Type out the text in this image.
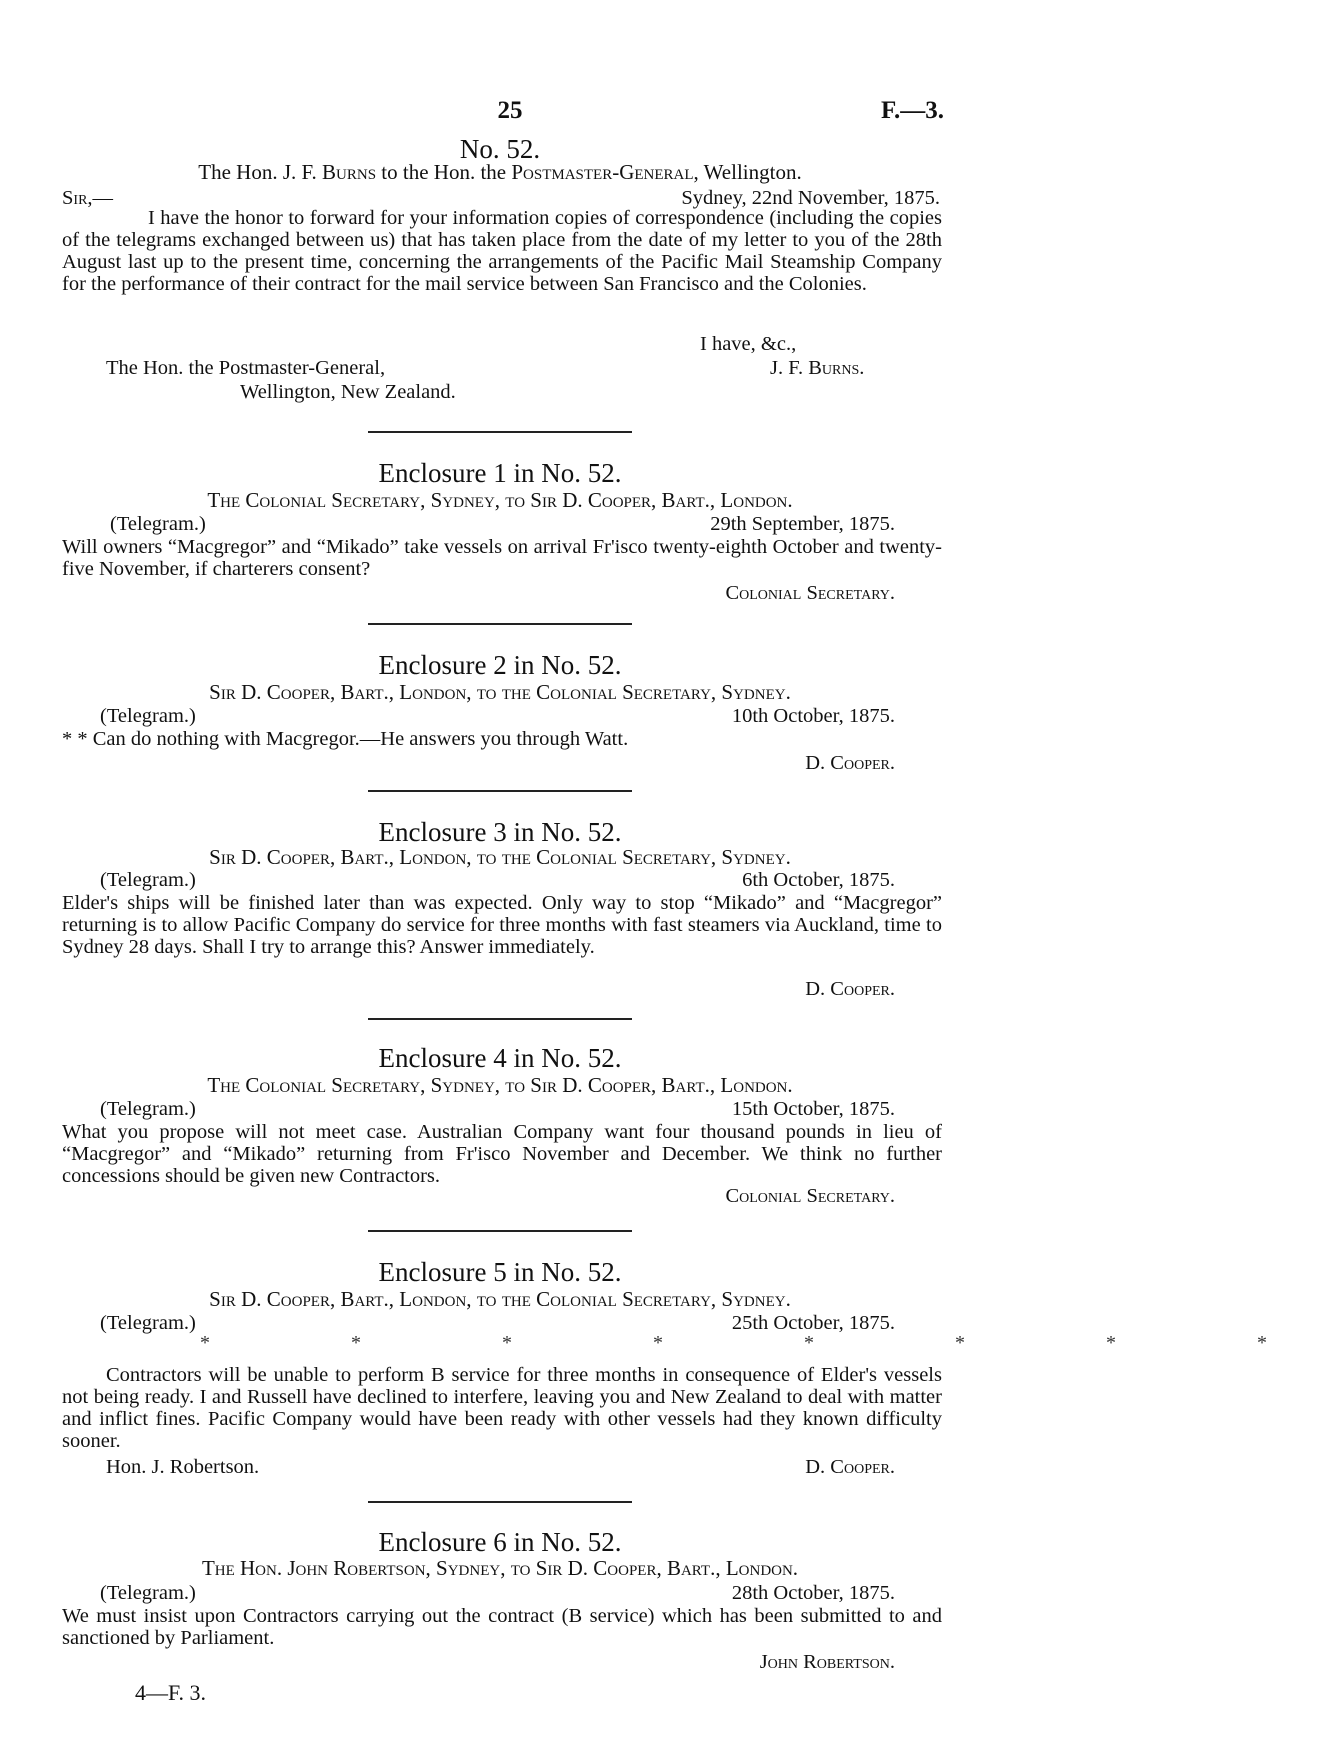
25	F.—3.
No. 52.
The Hon. J. F. Burns to the Hon. the Postmaster-General, Wellington.
Sir,—	Sydney, 22nd November, 1875.
I have the honor to forward for your information copies of correspondence (including the copies of the telegrams exchanged between us) that has taken place from the date of my letter to you of the 28th August last up to the present time, concerning the arrangements of the Pacific Mail Steamship Company for the performance of their contract for the mail service between San Francisco and the Colonies.
I have, &c.,
J. F. Burns.
The Hon. the Postmaster-General,
Wellington, New Zealand.
Enclosure 1 in No. 52.
The Colonial Secretary, Sydney, to Sir D. Cooper, Bart., London.
(Telegram.)	29th September, 1875.
Will owners “Macgregor” and “Mikado” take vessels on arrival Fr'isco twenty-eighth October and twenty-five November, if charterers consent?
Colonial Secretary.
Enclosure 2 in No. 52.
Sir D. Cooper, Bart., London, to the Colonial Secretary, Sydney.
(Telegram.)	10th October, 1875.
* * Can do nothing with Macgregor.—He answers you through Watt.
D. Cooper.
Enclosure 3 in No. 52.
Sir D. Cooper, Bart., London, to the Colonial Secretary, Sydney.
(Telegram.)	6th October, 1875.
Elder's ships will be finished later than was expected. Only way to stop “Mikado” and “Macgregor” returning is to allow Pacific Company do service for three months with fast steamers via Auckland, time to Sydney 28 days. Shall I try to arrange this? Answer immediately.
D. Cooper.
Enclosure 4 in No. 52.
The Colonial Secretary, Sydney, to Sir D. Cooper, Bart., London.
(Telegram.)	15th October, 1875.
What you propose will not meet case. Australian Company want four thousand pounds in lieu of “Macgregor” and “Mikado” returning from Fr'isco November and December. We think no further concessions should be given new Contractors.
Colonial Secretary.
Enclosure 5 in No. 52.
Sir D. Cooper, Bart., London, to the Colonial Secretary, Sydney.
(Telegram.)	25th October, 1875.
* * * * * * * *
Contractors will be unable to perform B service for three months in consequence of Elder's vessels not being ready. I and Russell have declined to interfere, leaving you and New Zealand to deal with matter and inflict fines. Pacific Company would have been ready with other vessels had they known difficulty sooner.
Hon. J. Robertson.	D. Cooper.
Enclosure 6 in No. 52.
The Hon. John Robertson, Sydney, to Sir D. Cooper, Bart., London.
(Telegram.)	28th October, 1875.
We must insist upon Contractors carrying out the contract (B service) which has been submitted to and sanctioned by Parliament.
John Robertson.
4—F. 3.
